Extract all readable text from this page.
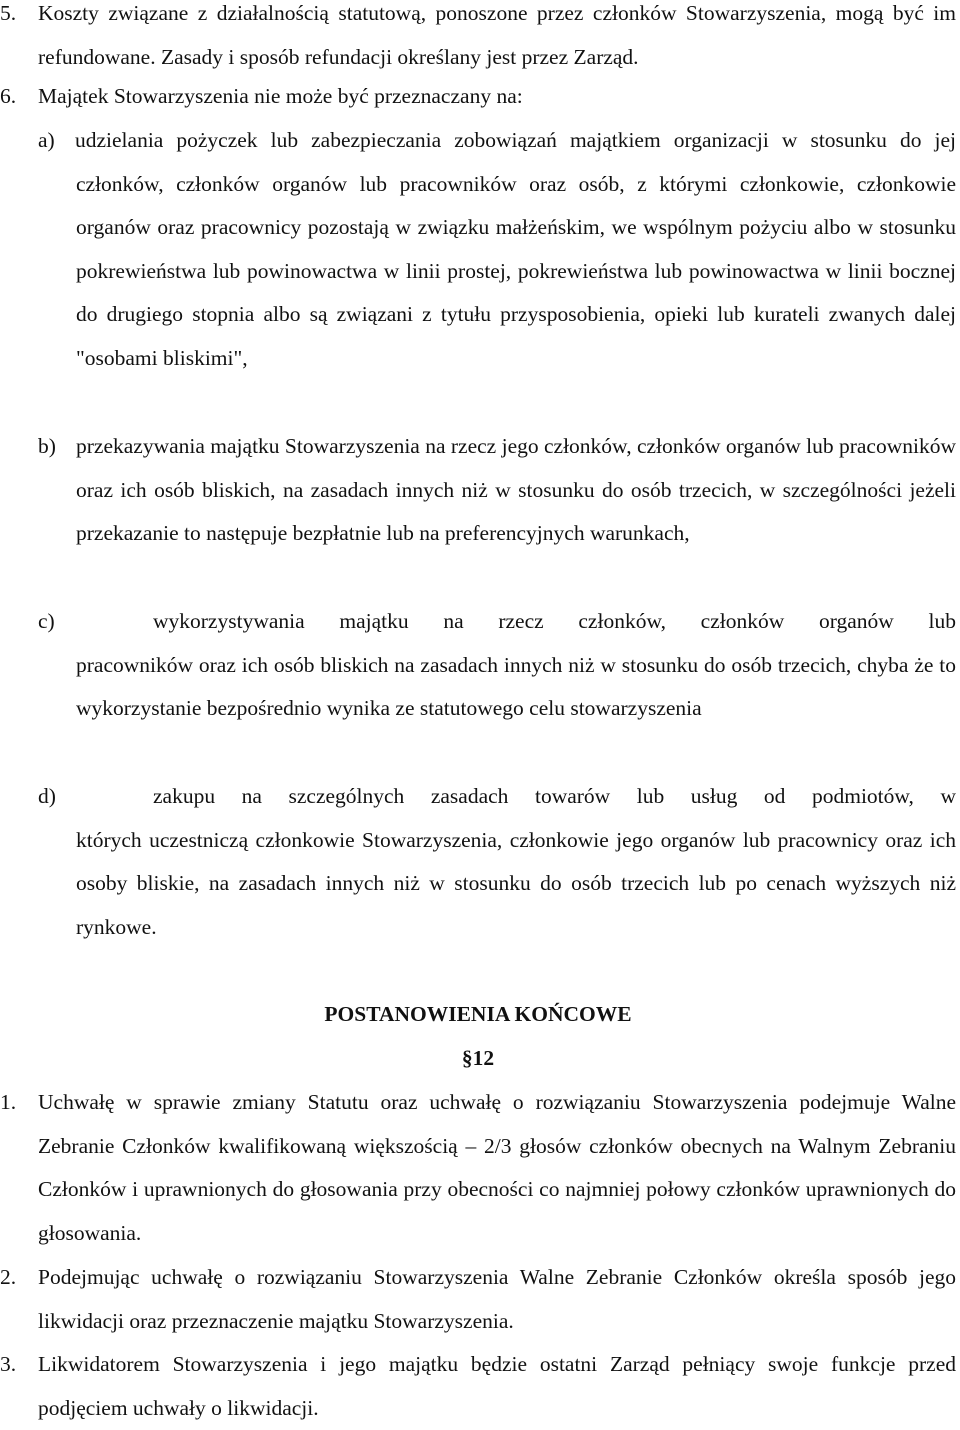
5. Koszty związane z działalnością statutową, ponoszone przez członków Stowarzyszenia, mogą być im refundowane. Zasady i sposób refundacji określany jest przez Zarząd.
6. Majątek Stowarzyszenia nie może być przeznaczany na:
a) udzielania pożyczek lub zabezpieczania zobowiązań majątkiem organizacji w stosunku do jej członków, członków organów lub pracowników oraz osób, z którymi członkowie, członkowie organów oraz pracownicy pozostają w związku małżeńskim, we wspólnym pożyciu albo w stosunku pokrewieństwa lub powinowactwa w linii prostej, pokrewieństwa lub powinowactwa w linii bocznej do drugiego stopnia albo są związani z tytułu przysposobienia, opieki lub kurateli zwanych dalej "osobami bliskimi",
b) przekazywania majątku Stowarzyszenia na rzecz jego członków, członków organów lub pracowników oraz ich osób bliskich, na zasadach innych niż w stosunku do osób trzecich, w szczególności jeżeli przekazanie to następuje bezpłatnie lub na preferencyjnych warunkach,
c)	wykorzystywania majątku na rzecz członków, członków organów lub
pracowników oraz ich osób bliskich na zasadach innych niż w stosunku do osób trzecich, chyba że to wykorzystanie bezpośrednio wynika ze statutowego celu stowarzyszenia
d)	zakupu na szczególnych zasadach towarów lub usług od podmiotów, w
których uczestniczą członkowie Stowarzyszenia, członkowie jego organów lub pracownicy oraz ich osoby bliskie, na zasadach innych niż w stosunku do osób trzecich lub po cenach wyższych niż rynkowe.
POSTANOWIENIA KOŃCOWE
§12
1. Uchwałę w sprawie zmiany Statutu oraz uchwałę o rozwiązaniu Stowarzyszenia podejmuje Walne Zebranie Członków kwalifikowaną większością – 2/3 głosów członków obecnych na Walnym Zebraniu Członków i uprawnionych do głosowania przy obecności co najmniej połowy członków uprawnionych do głosowania.
2. Podejmując uchwałę o rozwiązaniu Stowarzyszenia Walne Zebranie Członków określa sposób jego likwidacji oraz przeznaczenie majątku Stowarzyszenia.
3. Likwidatorem Stowarzyszenia i jego majątku będzie ostatni Zarząd pełniący swoje funkcje przed podjęciem uchwały o likwidacji.
